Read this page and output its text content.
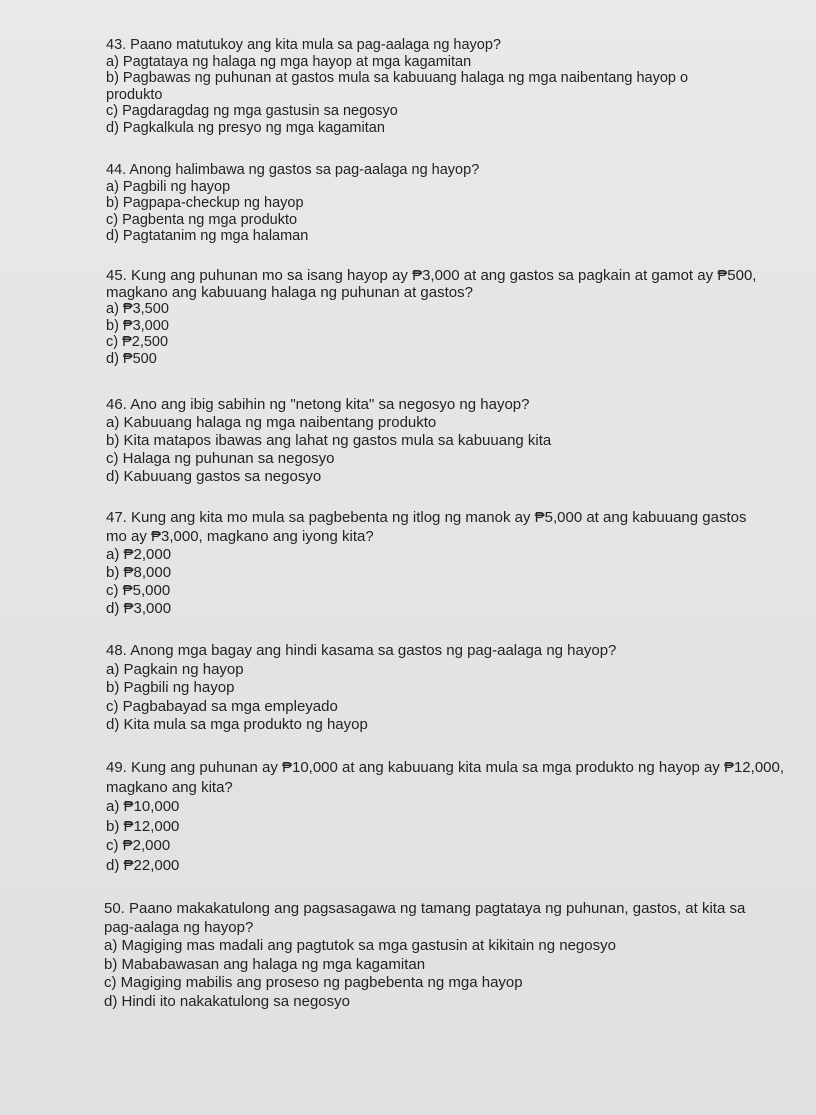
43. Paano matutukoy ang kita mula sa pag-aalaga ng hayop?

a) Pagtataya ng halaga ng mga hayop at mga kagamitan

b) Pagbawas ng puhunan at gastos mula sa kabuuang halaga ng mga naibentang hayop o produkto

c) Pagdaragdag ng mga gastusin sa negosyo

d) Pagkalkula ng presyo ng mga kagamitan

44. Anong halimbawa ng gastos sa pag-aalaga ng hayop?

a) Pagbili ng hayop

b) Pagpapa-checkup ng hayop

c) Pagbenta ng mga produkto

d) Pagtatanim ng mga halaman

45. Kung ang puhunan mo sa isang hayop ay ₱3,000 at ang gastos sa pagkain at gamot ay ₱500, magkano ang kabuuang halaga ng puhunan at gastos?

a) ₱3,500

b) ₱3,000

c) ₱2,500

d) ₱500

46. Ano ang ibig sabihin ng "netong kita" sa negosyo ng hayop?

a) Kabuuang halaga ng mga naibentang produkto

b) Kita matapos ibawas ang lahat ng gastos mula sa kabuuang kita

c) Halaga ng puhunan sa negosyo

d) Kabuuang gastos sa negosyo

47. Kung ang kita mo mula sa pagbebenta ng itlog ng manok ay ₱5,000 at ang kabuuang gastos mo ay ₱3,000, magkano ang iyong kita?

a) ₱2,000

b) ₱8,000

c) ₱5,000

d) ₱3,000

48. Anong mga bagay ang hindi kasama sa gastos ng pag-aalaga ng hayop?

a) Pagkain ng hayop

b) Pagbili ng hayop

c) Pagbabayad sa mga empleyado

d) Kita mula sa mga produkto ng hayop

49. Kung ang puhunan ay ₱10,000 at ang kabuuang kita mula sa mga produkto ng hayop ay ₱12,000, magkano ang kita?

a) ₱10,000

b) ₱12,000

c) ₱2,000

d) ₱22,000

50. Paano makakatulong ang pagsasagawa ng tamang pagtataya ng puhunan, gastos, at kita sa pag-aalaga ng hayop?

a) Magiging mas madali ang pagtutok sa mga gastusin at kikitain ng negosyo

b) Mababawasan ang halaga ng mga kagamitan

c) Magiging mabilis ang proseso ng pagbebenta ng mga hayop

d) Hindi ito nakakatulong sa negosyo
